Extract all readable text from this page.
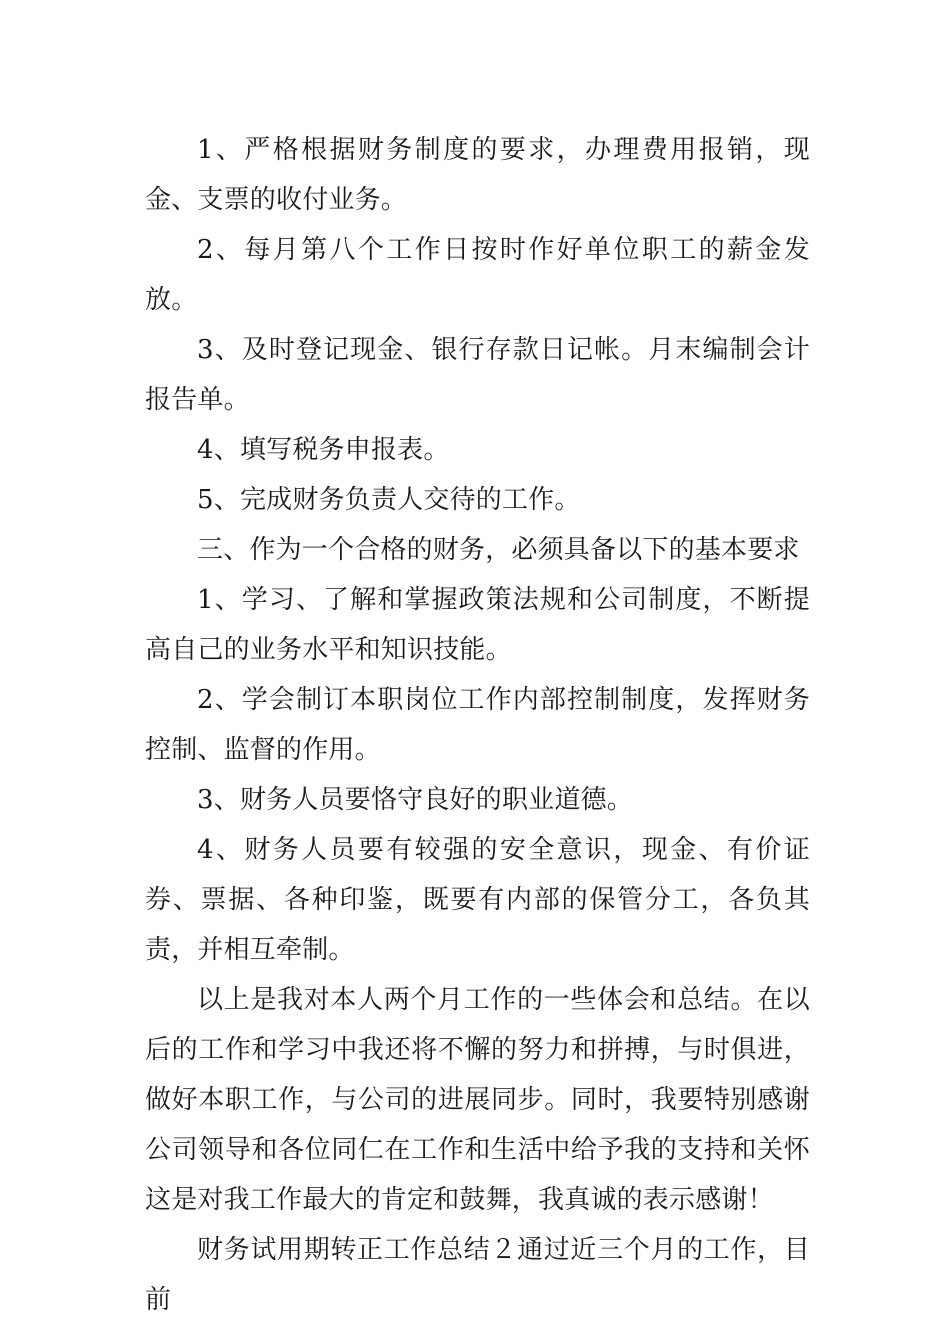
1、严格根据财务制度的要求，办理费用报销，现金、支票的收付业务。

2、每月第八个工作日按时作好单位职工的薪金发放。

3、及时登记现金、银行存款日记帐。月末编制会计报告单。

4、填写税务申报表。

5、完成财务负责人交待的工作。

三、作为一个合格的财务，必须具备以下的基本要求

1、学习、了解和掌握政策法规和公司制度，不断提高自己的业务水平和知识技能。

2、学会制订本职岗位工作内部控制制度，发挥财务控制、监督的作用。

3、财务人员要恪守良好的职业道德。

4、财务人员要有较强的安全意识，现金、有价证券、票据、各种印鉴，既要有内部的保管分工，各负其责，并相互牵制。

以上是我对本人两个月工作的一些体会和总结。在以后的工作和学习中我还将不懈的努力和拼搏，与时俱进，做好本职工作，与公司的进展同步。同时，我要特别感谢公司领导和各位同仁在工作和生活中给予我的支持和关怀这是对我工作最大的肯定和鼓舞，我真诚的表示感谢！

财务试用期转正工作总结２通过近三个月的工作，目前
